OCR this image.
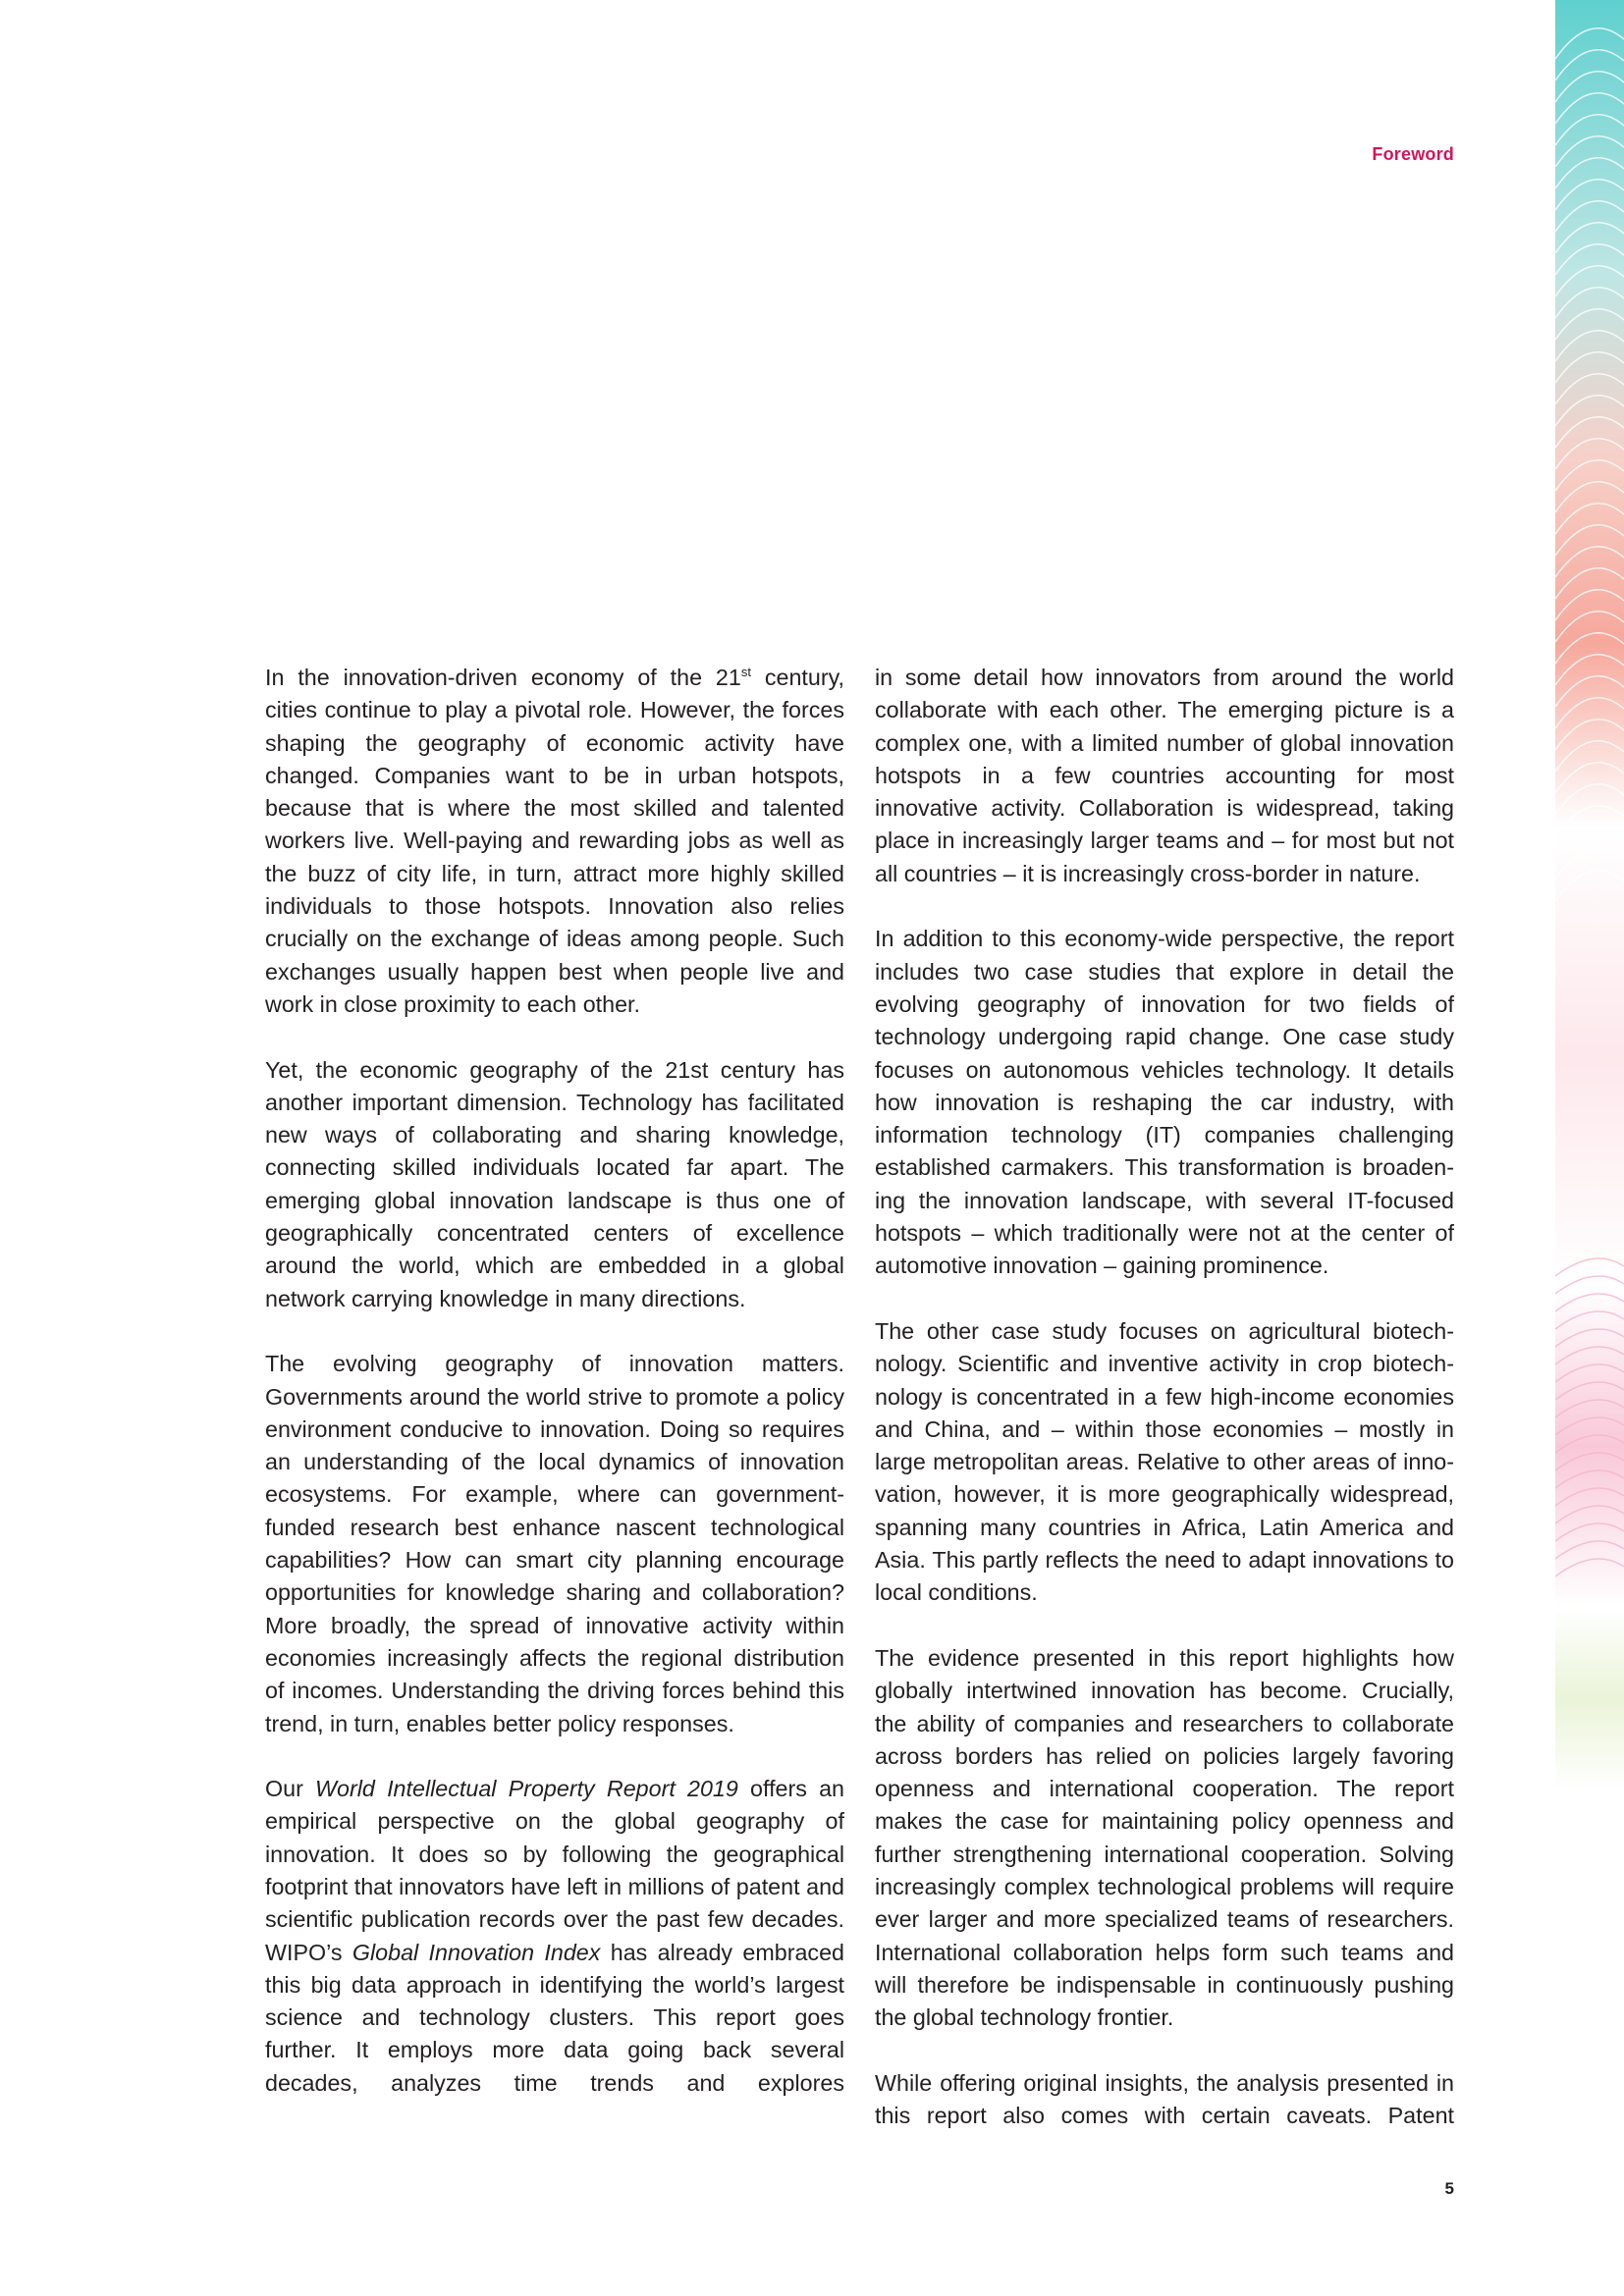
Foreword

In the innovation-driven economy of the 21st century, cities continue to play a pivotal role. However, the forces shaping the geography of economic activity have changed. Companies want to be in urban hotspots, because that is where the most skilled and talented workers live. Well-paying and rewarding jobs as well as the buzz of city life, in turn, attract more highly skilled individuals to those hotspots. Innovation also relies crucially on the exchange of ideas among people. Such exchanges usually happen best when people live and work in close proximity to each other.

Yet, the economic geography of the 21st century has another important dimension. Technology has facilitated new ways of collaborating and sharing knowledge, connecting skilled individuals located far apart. The emerging global innovation landscape is thus one of geographically concentrated centers of excellence around the world, which are embedded in a global network carrying knowledge in many directions.

The evolving geography of innovation matters. Governments around the world strive to promote a policy environment conducive to innovation. Doing so requires an understanding of the local dynamics of innovation ecosystems. For example, where can government-funded research best enhance nascent technological capabilities? How can smart city planning encourage opportunities for knowledge sharing and collaboration? More broadly, the spread of innovative activity within economies increasingly affects the regional distribution of incomes. Understanding the driving forces behind this trend, in turn, enables better policy responses.

Our World Intellectual Property Report 2019 offers an empirical perspective on the global geography of innovation. It does so by following the geographical footprint that innovators have left in millions of patent and scientific publication records over the past few decades. WIPO’s Global Innovation Index has already embraced this big data approach in identifying the world’s largest science and technology clusters. This report goes further. It employs more data going back several decades, analyzes time trends and explores

in some detail how innovators from around the world collaborate with each other. The emerging picture is a complex one, with a limited number of global innovation hotspots in a few countries accounting for most innovative activity. Collaboration is widespread, taking place in increasingly larger teams and – for most but not all countries – it is increasingly cross-border in nature.

In addition to this economy-wide perspective, the report includes two case studies that explore in detail the evolving geography of innovation for two fields of technology undergoing rapid change. One case study focuses on autonomous vehicles technology. It details how innovation is reshaping the car industry, with information technology (IT) companies challenging established carmakers. This transformation is broadening the innovation landscape, with several IT-focused hotspots – which traditionally were not at the center of automotive innovation – gaining prominence.

The other case study focuses on agricultural biotechnology. Scientific and inventive activity in crop biotechnology is concentrated in a few high-income economies and China, and – within those economies – mostly in large metropolitan areas. Relative to other areas of innovation, however, it is more geographically widespread, spanning many countries in Africa, Latin America and Asia. This partly reflects the need to adapt innovations to local conditions.

The evidence presented in this report highlights how globally intertwined innovation has become. Crucially, the ability of companies and researchers to collaborate across borders has relied on policies largely favoring openness and international cooperation. The report makes the case for maintaining policy openness and further strengthening international cooperation. Solving increasingly complex technological problems will require ever larger and more specialized teams of researchers. International collaboration helps form such teams and will therefore be indispensable in continuously pushing the global technology frontier.

While offering original insights, the analysis presented in this report also comes with certain caveats. Patent

5
